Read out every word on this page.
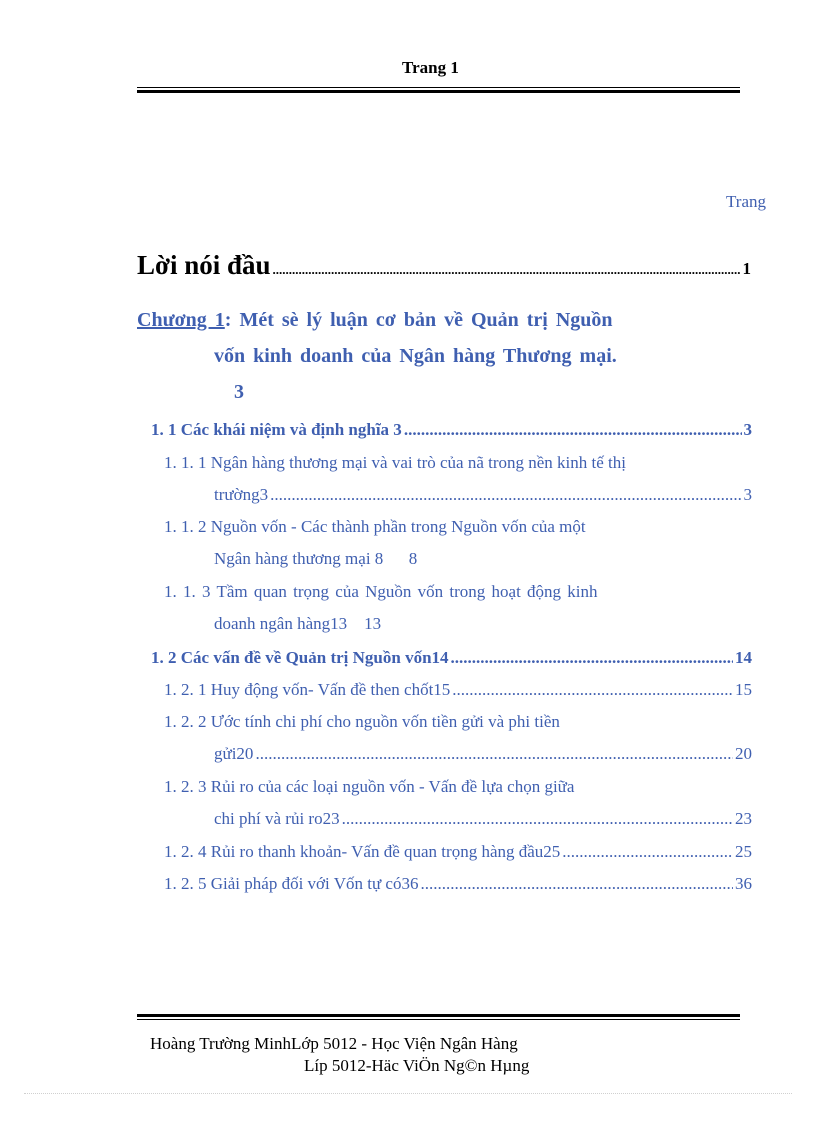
Trang 1
Trang
Lời nói đầu .....	1
Chương 1: Mét sè lý luận cơ bản về Quản trị Nguồn
vốn kinh doanh của Ngân hàng Thương mại.
3
1. 1 Các khái niệm và định nghĩa 3 .....	3
1. 1. 1 Ngân hàng thương mại và vai trò của nã trong nền kinh tế thị
trường3 .....	3
1. 1. 2 Nguồn vốn - Các thành phần trong Nguồn vốn của một
Ngân hàng thương mại 8      8
1. 1. 3 Tầm quan trọng của Nguồn vốn trong hoạt động kinh
doanh ngân hàng13    13
1. 2 Các vấn đề về Quản trị Nguồn vốn14 .....	14
1. 2. 1 Huy động vốn- Vấn đề then chốt15 .....	15
1. 2. 2 Ước tính chi phí cho nguồn vốn tiền gửi và phi tiền
gửi20 .....	20
1. 2. 3 Rủi ro của các loại nguồn vốn - Vấn đề lựa chọn giữa
chi phí và rủi ro23 .....	23
1. 2. 4 Rủi ro thanh khoản- Vấn đề quan trọng hàng đầu25 .....	25
1. 2. 5 Giải pháp đối với Vốn tự có36 .....	36
Hoàng Trường MinhLớp 5012 - Học Viện Ngân Hàng
Líp 5012-Häc ViÖn Ng©n Hµng
